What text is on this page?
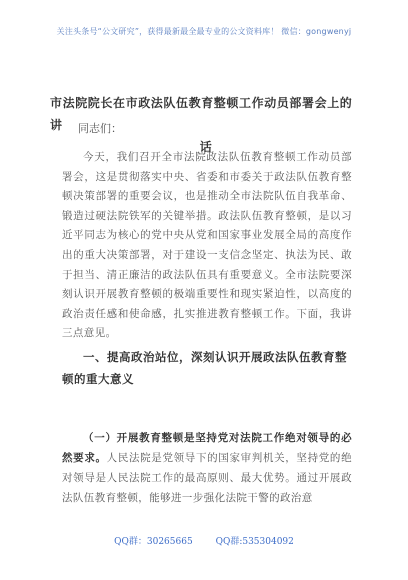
关注头条号“公文研究”，获得最新最全最专业的公文资料库！ 微信：gongwenyj
市法院院长在市政法队伍教育整顿工作动员部署会上的讲
话
同志们：
今天，我们召开全市法院政法队伍教育整顿工作动员部署会，这是贯彻落实中央、省委和市委关于政法队伍教育整顿决策部署的重要会议，也是推动全市法院队伍自我革命、锻造过硬法院铁军的关键举措。政法队伍教育整顿，是以习近平同志为核心的党中央从党和国家事业发展全局的高度作出的重大决策部署，对于建设一支信念坚定、执法为民、敢于担当、清正廉洁的政法队伍具有重要意义。全市法院要深刻认识开展教育整顿的极端重要性和现实紧迫性，以高度的政治责任感和使命感，扎实推进教育整顿工作。下面，我讲三点意见。
一、提高政治站位，深刻认识开展政法队伍教育整顿的重大意义
（一）开展教育整顿是坚持党对法院工作绝对领导的必然要求。人民法院是党领导下的国家审判机关，坚持党的绝对领导是人民法院工作的最高原则、最大优势。通过开展政法队伍教育整顿，能够进一步强化法院干警的政治意
QQ群：30265665	QQ群:535304092
